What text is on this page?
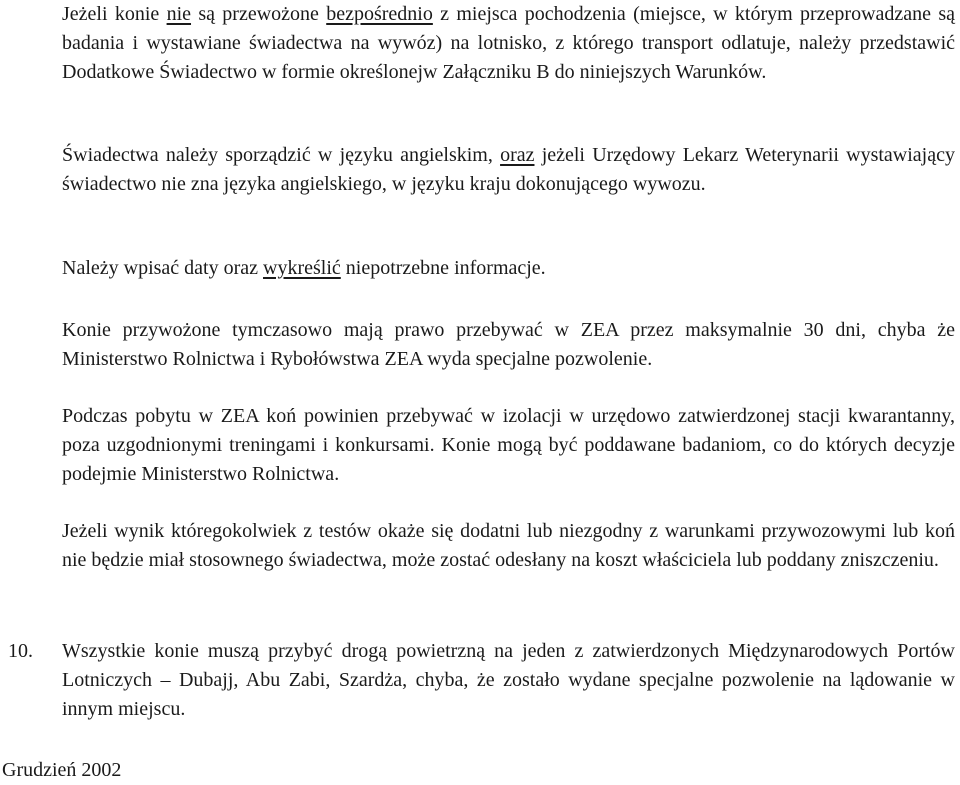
Jeżeli konie nie są przewożone bezpośrednio z miejsca pochodzenia (miejsce, w którym przeprowadzane są badania i wystawiane świadectwa na wywóz) na lotnisko, z którego transport odlatuje, należy przedstawić Dodatkowe Świadectwo w formie określonejw Załączniku B do niniejszych Warunków.

Świadectwa należy sporządzić w języku angielskim, oraz jeżeli Urzędowy Lekarz Weterynarii wystawiający świadectwo nie zna języka angielskiego, w języku kraju dokonującego wywozu.

Należy wpisać daty oraz wykreślić niepotrzebne informacje.

Konie przywożone tymczasowo mają prawo przebywać w ZEA przez maksymalnie 30 dni, chyba że Ministerstwo Rolnictwa i Rybołówstwa ZEA wyda specjalne pozwolenie.

Podczas pobytu w ZEA koń powinien przebywać w izolacji w urzędowo zatwierdzonej stacji kwarantanny, poza uzgodnionymi treningami i konkursami. Konie mogą być poddawane badaniom, co do których decyzje podejmie Ministerstwo Rolnictwa.

Jeżeli wynik któregokolwiek z testów okaże się dodatni lub niezgodny z warunkami przywozowymi lub koń nie będzie miał stosownego świadectwa, może zostać odesłany na koszt właściciela lub poddany zniszczeniu.

10. Wszystkie konie muszą przybyć drogą powietrzną na jeden z zatwierdzonych Międzynarodowych Portów Lotniczych – Dubajj, Abu Zabi, Szardża, chyba, że zostało wydane specjalne pozwolenie na lądowanie w innym miejscu.

Grudzień 2002
